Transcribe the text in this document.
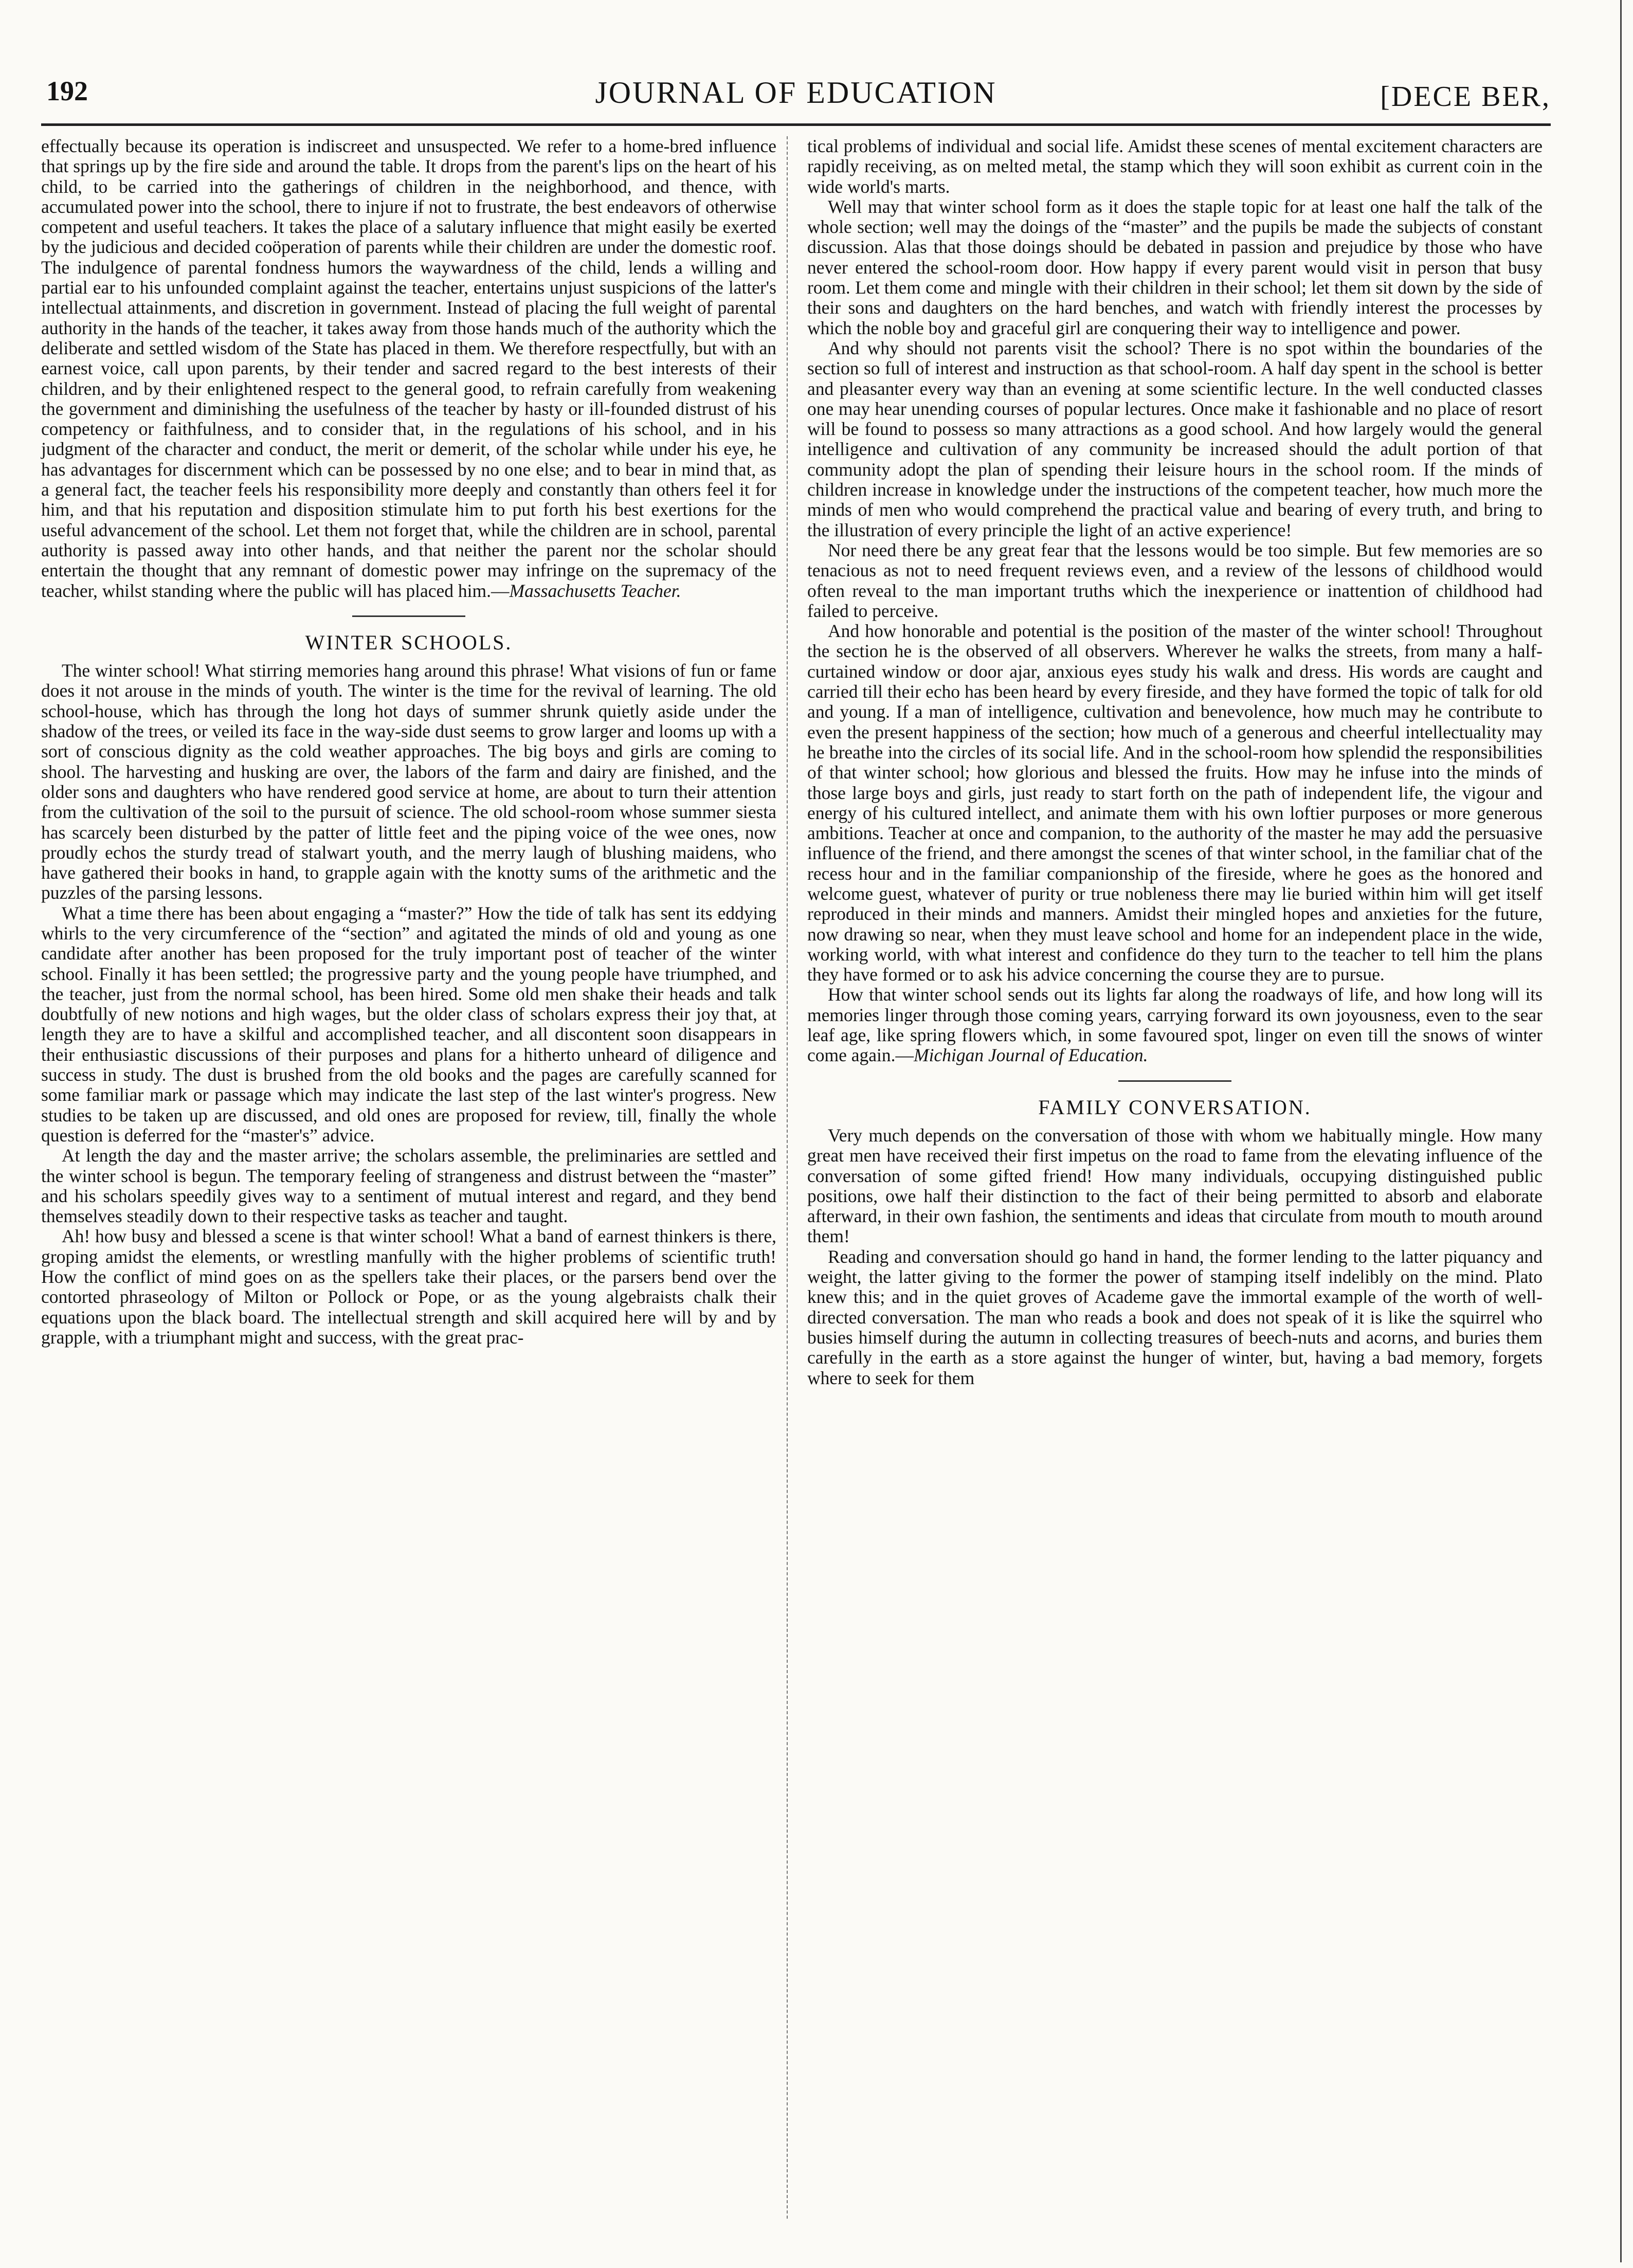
192	JOURNAL OF EDUCATION	[DECE BER,

effectually because its operation is indiscreet and unsuspected. We refer to a home-bred influence that springs up by the fire side and around the table. It drops from the parent's lips on the heart of his child, to be carried into the gatherings of children in the neighborhood, and thence, with accumulated power into the school, there to injure if not to frustrate, the best endeavors of otherwise competent and useful teachers. It takes the place of a salutary influence that might easily be exerted by the judicious and decided coöperation of parents while their children are under the domestic roof. The indulgence of parental fondness humors the waywardness of the child, lends a willing and partial ear to his unfounded complaint against the teacher, entertains unjust suspicions of the latter's intellectual attainments, and discretion in government. Instead of placing the full weight of parental authority in the hands of the teacher, it takes away from those hands much of the authority which the deliberate and settled wisdom of the State has placed in them. We therefore respectfully, but with an earnest voice, call upon parents, by their tender and sacred regard to the best interests of their children, and by their enlightened respect to the general good, to refrain carefully from weakening the government and diminishing the usefulness of the teacher by hasty or ill-founded distrust of his competency or faithfulness, and to consider that, in the regulations of his school, and in his judgment of the character and conduct, the merit or demerit, of the scholar while under his eye, he has advantages for discernment which can be possessed by no one else; and to bear in mind that, as a general fact, the teacher feels his responsibility more deeply and constantly than others feel it for him, and that his reputation and disposition stimulate him to put forth his best exertions for the useful advancement of the school. Let them not forget that, while the children are in school, parental authority is passed away into other hands, and that neither the parent nor the scholar should entertain the thought that any remnant of domestic power may infringe on the supremacy of the teacher, whilst standing where the public will has placed him.—Massachusetts Teacher.

WINTER SCHOOLS.

The winter school! What stirring memories hang around this phrase! What visions of fun or fame does it not arouse in the minds of youth. The winter is the time for the revival of learning. The old school-house, which has through the long hot days of summer shrunk quietly aside under the shadow of the trees, or veiled its face in the way-side dust seems to grow larger and looms up with a sort of conscious dignity as the cold weather approaches. The big boys and girls are coming to shool. The harvesting and husking are over, the labors of the farm and dairy are finished, and the older sons and daughters who have rendered good service at home, are about to turn their attention from the cultivation of the soil to the pursuit of science. The old school-room whose summer siesta has scarcely been disturbed by the patter of little feet and the piping voice of the wee ones, now proudly echos the sturdy tread of stalwart youth, and the merry laugh of blushing maidens, who have gathered their books in hand, to grapple again with the knotty sums of the arithmetic and the puzzles of the parsing lessons.

What a time there has been about engaging a “master?” How the tide of talk has sent its eddying whirls to the very circumference of the “section” and agitated the minds of old and young as one candidate after another has been proposed for the truly important post of teacher of the winter school. Finally it has been settled; the progressive party and the young people have triumphed, and the teacher, just from the normal school, has been hired. Some old men shake their heads and talk doubtfully of new notions and high wages, but the older class of scholars express their joy that, at length they are to have a skilful and accomplished teacher, and all discontent soon disappears in their enthusiastic discussions of their purposes and plans for a hitherto unheard of diligence and success in study. The dust is brushed from the old books and the pages are carefully scanned for some familiar mark or passage which may indicate the last step of the last winter's progress. New studies to be taken up are discussed, and old ones are proposed for review, till, finally the whole question is deferred for the “master's” advice.

At length the day and the master arrive; the scholars assemble, the preliminaries are settled and the winter school is begun. The temporary feeling of strangeness and distrust between the “master” and his scholars speedily gives way to a sentiment of mutual interest and regard, and they bend themselves steadily down to their respective tasks as teacher and taught.

Ah! how busy and blessed a scene is that winter school! What a band of earnest thinkers is there, groping amidst the elements, or wrestling manfully with the higher problems of scientific truth! How the conflict of mind goes on as the spellers take their places, or the parsers bend over the contorted phraseology of Milton or Pollock or Pope, or as the young algebraists chalk their equations upon the black board. The intellectual strength and skill acquired here will by and by grapple, with a triumphant might and success, with the great prac-

tical problems of individual and social life. Amidst these scenes of mental excitement characters are rapidly receiving, as on melted metal, the stamp which they will soon exhibit as current coin in the wide world's marts.

Well may that winter school form as it does the staple topic for at least one half the talk of the whole section; well may the doings of the “master” and the pupils be made the subjects of constant discussion. Alas that those doings should be debated in passion and prejudice by those who have never entered the school-room door. How happy if every parent would visit in person that busy room. Let them come and mingle with their children in their school; let them sit down by the side of their sons and daughters on the hard benches, and watch with friendly interest the processes by which the noble boy and graceful girl are conquering their way to intelligence and power.

And why should not parents visit the school? There is no spot within the boundaries of the section so full of interest and instruction as that school-room. A half day spent in the school is better and pleasanter every way than an evening at some scientific lecture. In the well conducted classes one may hear unending courses of popular lectures. Once make it fashionable and no place of resort will be found to possess so many attractions as a good school. And how largely would the general intelligence and cultivation of any community be increased should the adult portion of that community adopt the plan of spending their leisure hours in the school room. If the minds of children increase in knowledge under the instructions of the competent teacher, how much more the minds of men who would comprehend the practical value and bearing of every truth, and bring to the illustration of every principle the light of an active experience!

Nor need there be any great fear that the lessons would be too simple. But few memories are so tenacious as not to need frequent reviews even, and a review of the lessons of childhood would often reveal to the man important truths which the inexperience or inattention of childhood had failed to perceive.

And how honorable and potential is the position of the master of the winter school! Throughout the section he is the observed of all observers. Wherever he walks the streets, from many a half-curtained window or door ajar, anxious eyes study his walk and dress. His words are caught and carried till their echo has been heard by every fireside, and they have formed the topic of talk for old and young. If a man of intelligence, cultivation and benevolence, how much may he contribute to even the present happiness of the section; how much of a generous and cheerful intellectuality may he breathe into the circles of its social life. And in the school-room how splendid the responsibilities of that winter school; how glorious and blessed the fruits. How may he infuse into the minds of those large boys and girls, just ready to start forth on the path of independent life, the vigour and energy of his cultured intellect, and animate them with his own loftier purposes or more generous ambitions. Teacher at once and companion, to the authority of the master he may add the persuasive influence of the friend, and there amongst the scenes of that winter school, in the familiar chat of the recess hour and in the familiar companionship of the fireside, where he goes as the honored and welcome guest, whatever of purity or true nobleness there may lie buried within him will get itself reproduced in their minds and manners. Amidst their mingled hopes and anxieties for the future, now drawing so near, when they must leave school and home for an independent place in the wide, working world, with what interest and confidence do they turn to the teacher to tell him the plans they have formed or to ask his advice concerning the course they are to pursue.

How that winter school sends out its lights far along the roadways of life, and how long will its memories linger through those coming years, carrying forward its own joyousness, even to the sear leaf age, like spring flowers which, in some favoured spot, linger on even till the snows of winter come again.—Michigan Journal of Education.

FAMILY CONVERSATION.

Very much depends on the conversation of those with whom we habitually mingle. How many great men have received their first impetus on the road to fame from the elevating influence of the conversation of some gifted friend! How many individuals, occupying distinguished public positions, owe half their distinction to the fact of their being permitted to absorb and elaborate afterward, in their own fashion, the sentiments and ideas that circulate from mouth to mouth around them!

Reading and conversation should go hand in hand, the former lending to the latter piquancy and weight, the latter giving to the former the power of stamping itself indelibly on the mind. Plato knew this; and in the quiet groves of Academe gave the immortal example of the worth of well-directed conversation. The man who reads a book and does not speak of it is like the squirrel who busies himself during the autumn in collecting treasures of beech-nuts and acorns, and buries them carefully in the earth as a store against the hunger of winter, but, having a bad memory, forgets where to seek for them
